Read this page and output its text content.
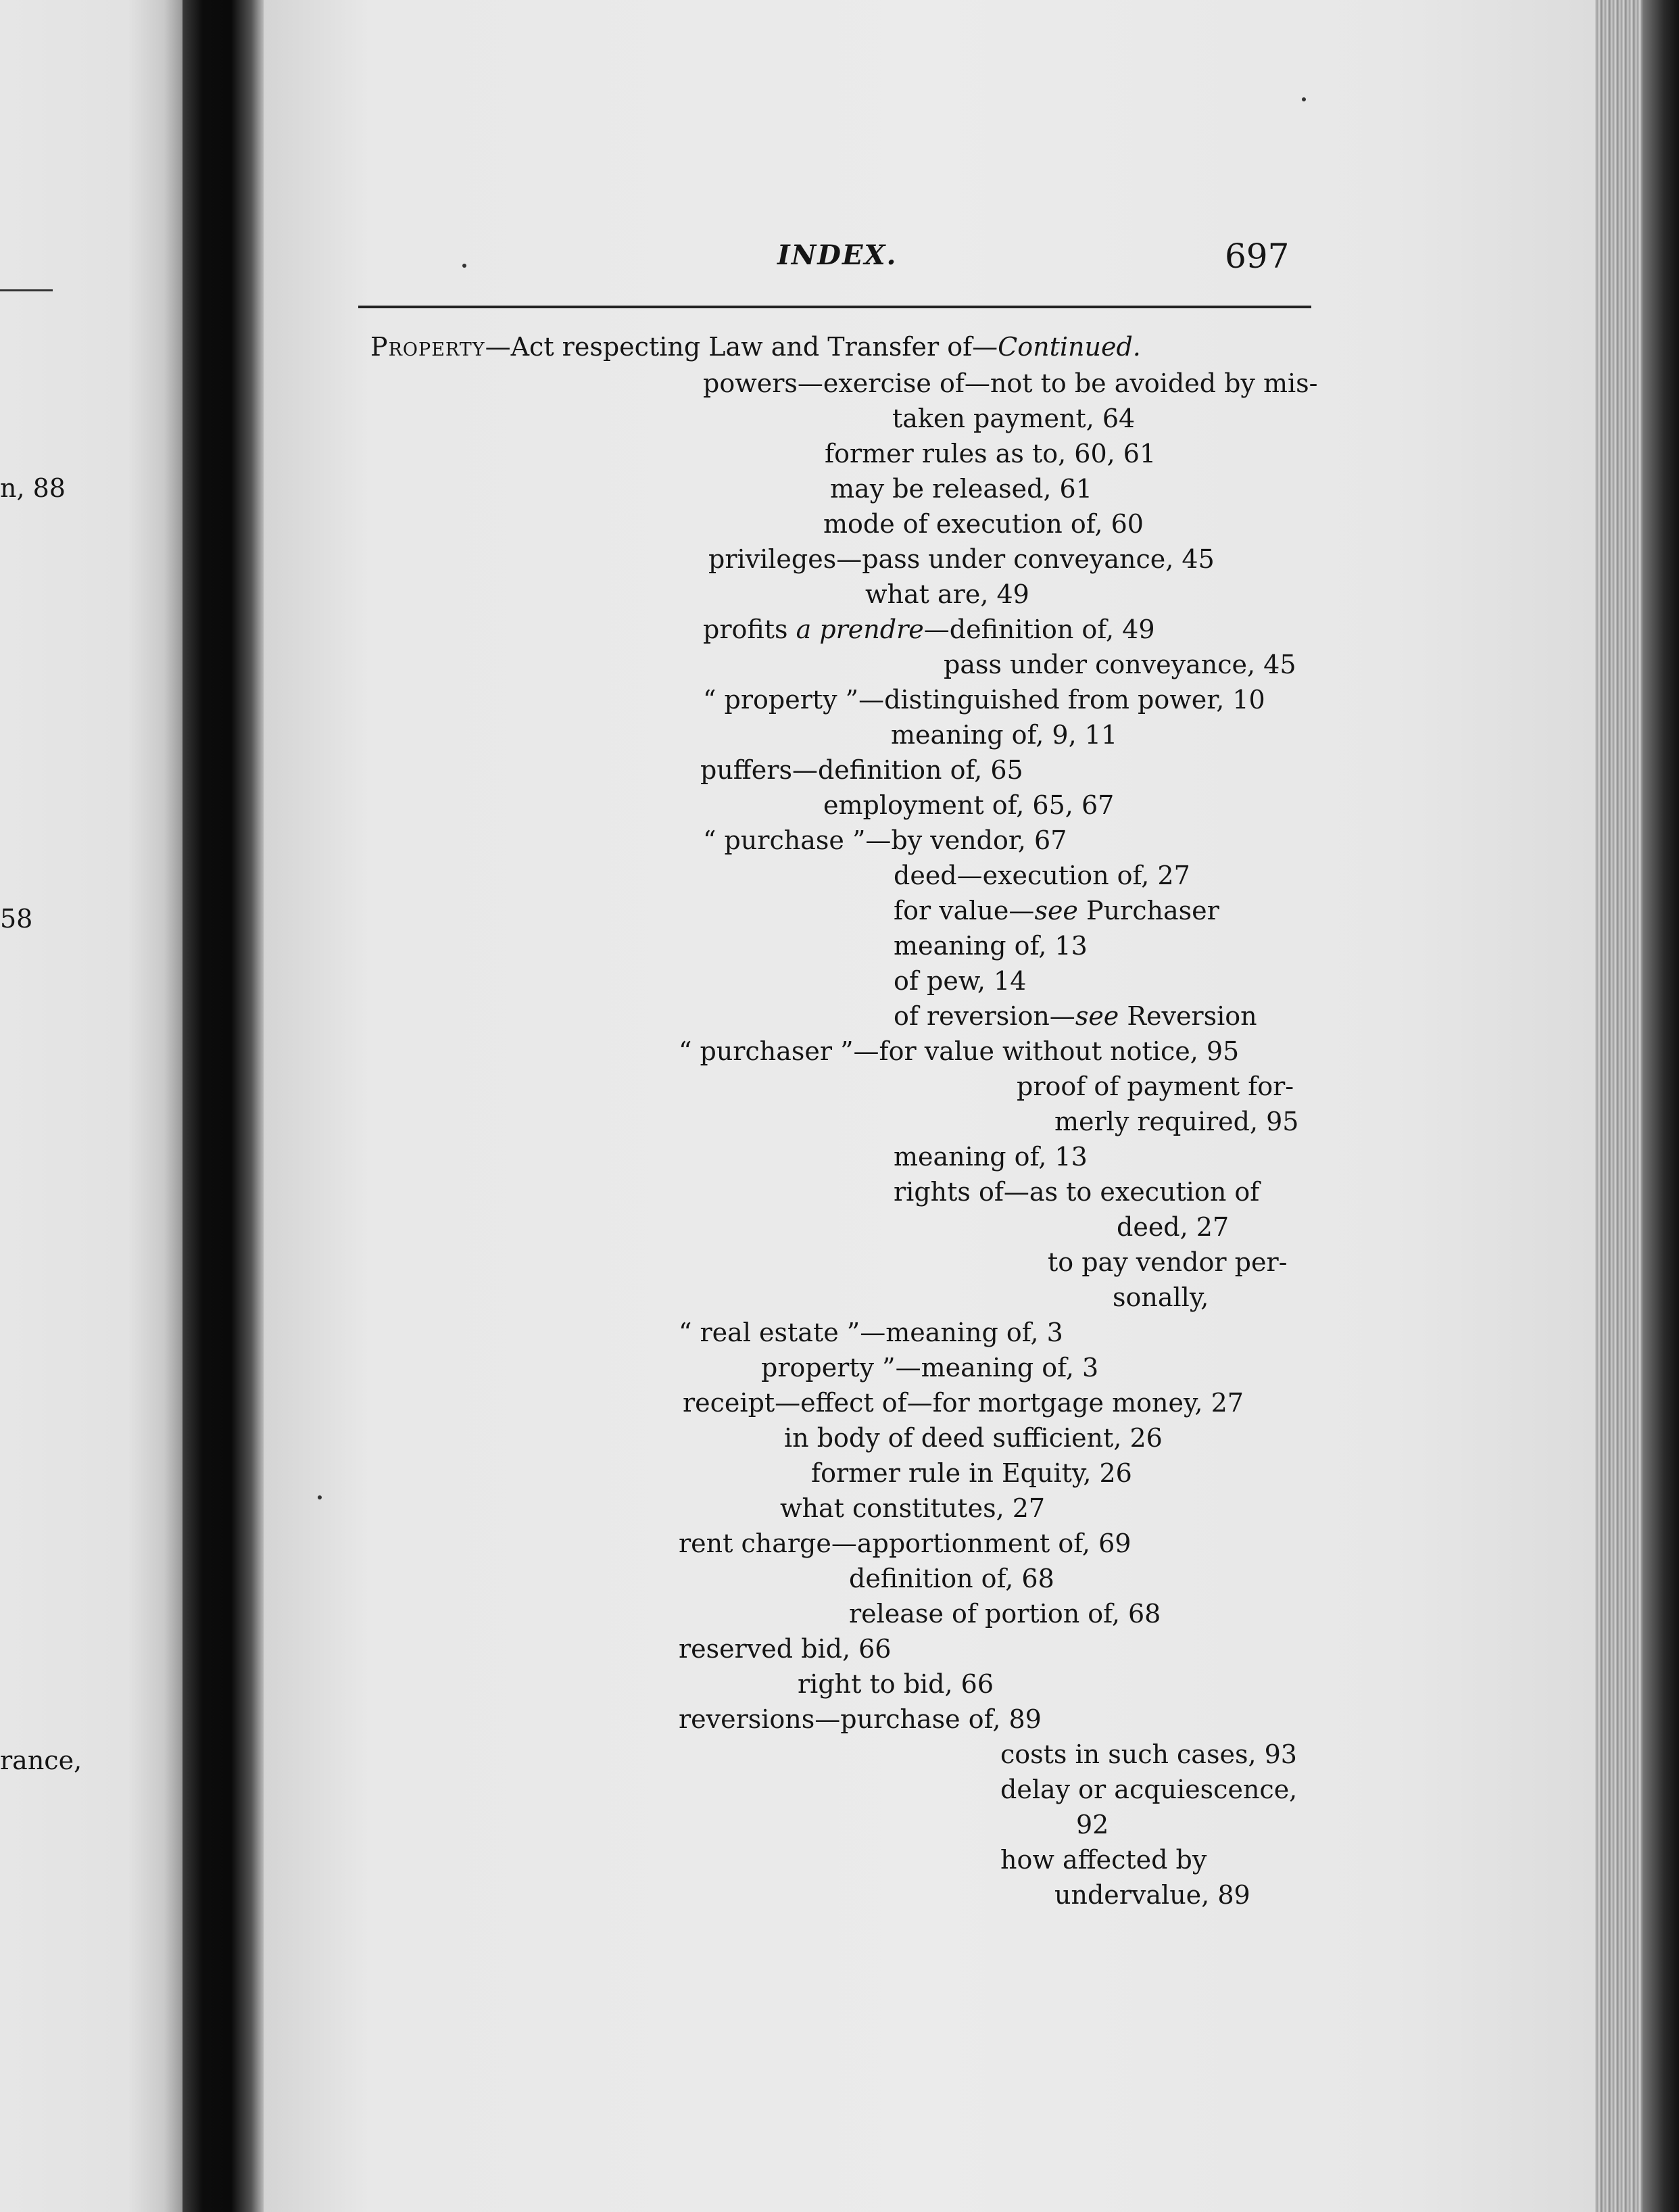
n, 88
58
rance,
INDEX.	697
Property—Act respecting Law and Transfer of—Continued.
powers—exercise of—not to be avoided by mis-
taken payment, 64
former rules as to, 60, 61
may be released, 61
mode of execution of, 60
privileges—pass under conveyance, 45
what are, 49
profits a prendre—definition of, 49
pass under conveyance, 45
“ property ”—distinguished from power, 10
meaning of, 9, 11
puffers—definition of, 65
employment of, 65, 67
“ purchase ”—by vendor, 67
deed—execution of, 27
for value—see Purchaser
meaning of, 13
of pew, 14
of reversion—see Reversion
“ purchaser ”—for value without notice, 95
proof of payment for-
merly required, 95
meaning of, 13
rights of—as to execution of
deed, 27
to pay vendor per-
sonally,
“ real estate ”—meaning of, 3
property ”—meaning of, 3
receipt—effect of—for mortgage money, 27
in body of deed sufficient, 26
former rule in Equity, 26
what constitutes, 27
rent charge—apportionment of, 69
definition of, 68
release of portion of, 68
reserved bid, 66
right to bid, 66
reversions—purchase of, 89
costs in such cases, 93
delay or acquiescence,
92
how affected by
undervalue, 89
